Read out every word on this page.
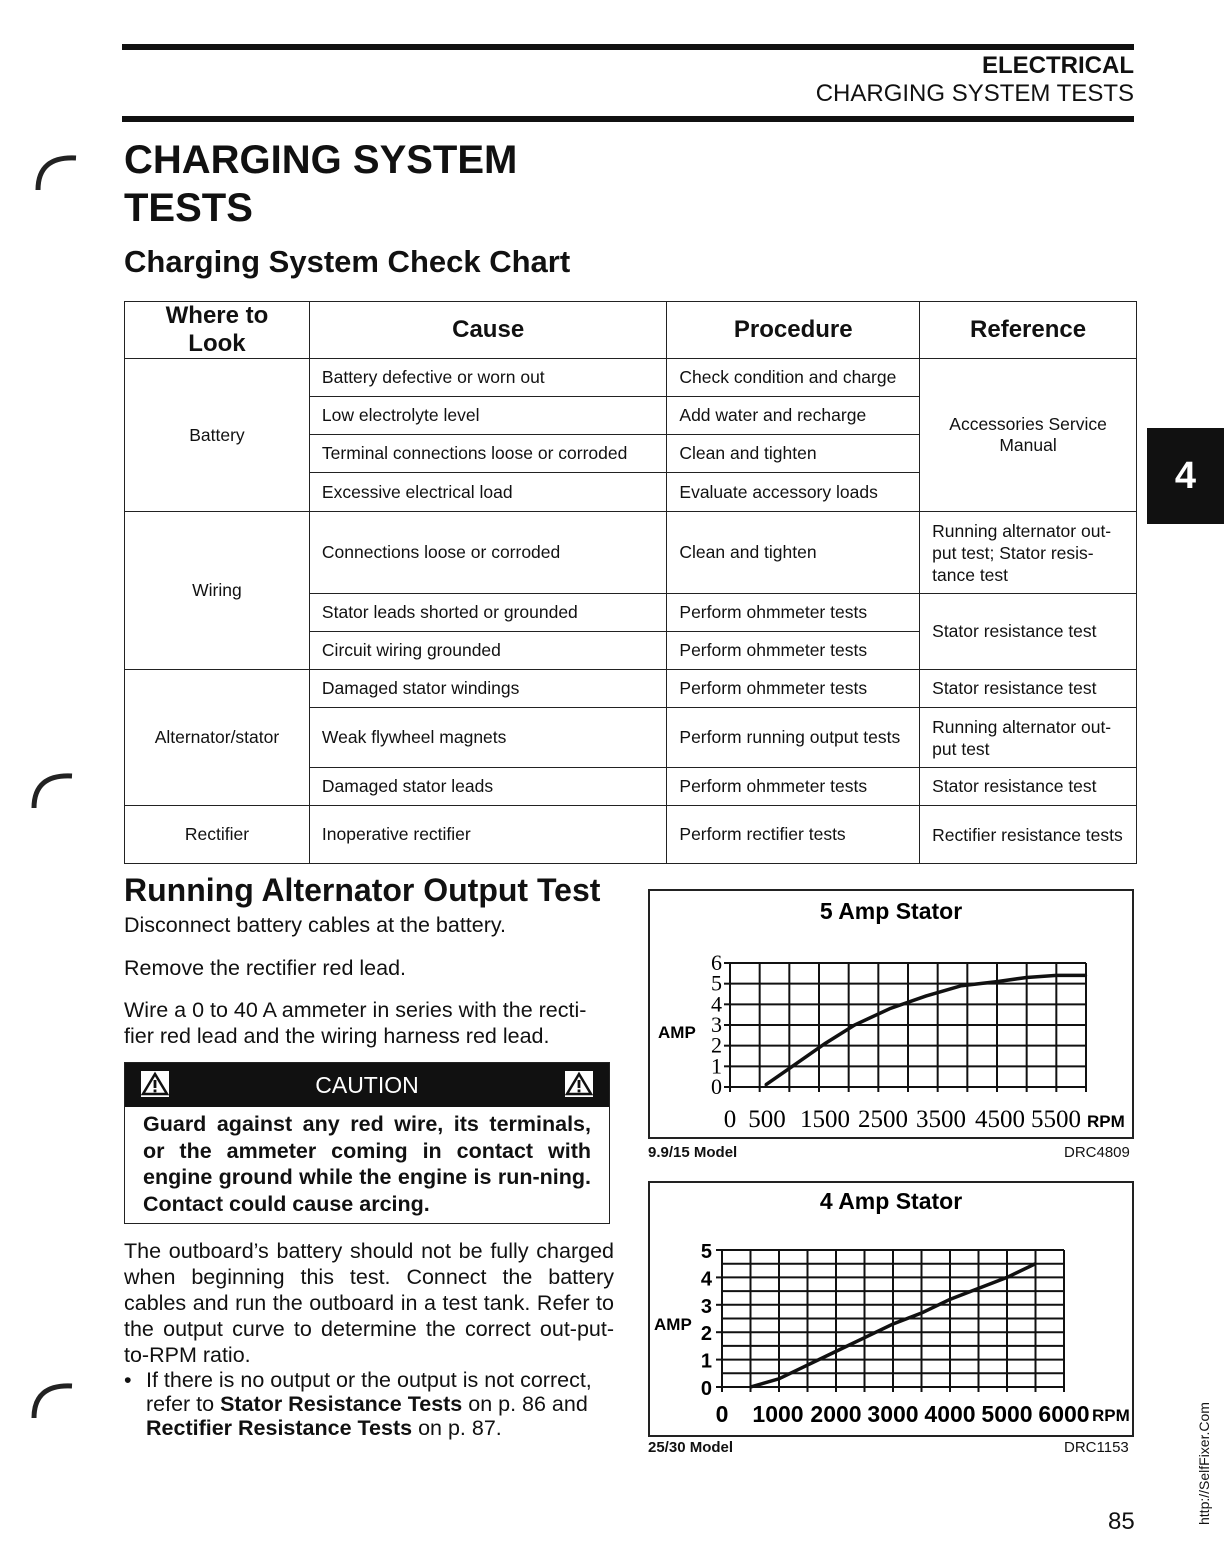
ELECTRICAL
CHARGING SYSTEM TESTS
CHARGING SYSTEM
TESTS
Charging System Check Chart
Where to Look	Cause	Procedure	Reference
Battery	Battery defective or worn out	Check condition and charge	Accessories Service Manual
	Low electrolyte level	Add water and recharge	
	Terminal connections loose or corroded	Clean and tighten	
	Excessive electrical load	Evaluate accessory loads	
Wiring	Connections loose or corroded	Clean and tighten	Running alternator out-put test; Stator resis-tance test
	Stator leads shorted or grounded	Perform ohmmeter tests	Stator resistance test
	Circuit wiring grounded	Perform ohmmeter tests	
Alternator/stator	Damaged stator windings	Perform ohmmeter tests	Stator resistance test
	Weak flywheel magnets	Perform running output tests	Running alternator out-put test
	Damaged stator leads	Perform ohmmeter tests	Stator resistance test
Rectifier	Inoperative rectifier	Perform rectifier tests	Rectifier resistance tests
4
Running Alternator Output Test
Disconnect battery cables at the battery.
Remove the rectifier red lead.
Wire a 0 to 40 A ammeter in series with the recti-fier red lead and the wiring harness red lead.
CAUTION
Guard against any red wire, its terminals, or the ammeter coming in contact with engine ground while the engine is run-ning. Contact could cause arcing.
The outboard’s battery should not be fully charged when beginning this test. Connect the battery cables and run the outboard in a test tank. Refer to the output curve to determine the correct out-put-to-RPM ratio.
• If there is no output or the output is not correct, refer to Stator Resistance Tests on p. 86 and Rectifier Resistance Tests on p. 87.
5 Amp Stator
AMP
RPM
0
1
2
3
4
5
6
0 500 1500 2500 3500 4500 5500
9.9/15 Model	DRC4809
4 Amp Stator
AMP
RPM
0
1
2
3
4
5
0 1000 2000 3000 4000 5000 6000
25/30 Model	DRC1153
85	http://SelfFixer.Com
